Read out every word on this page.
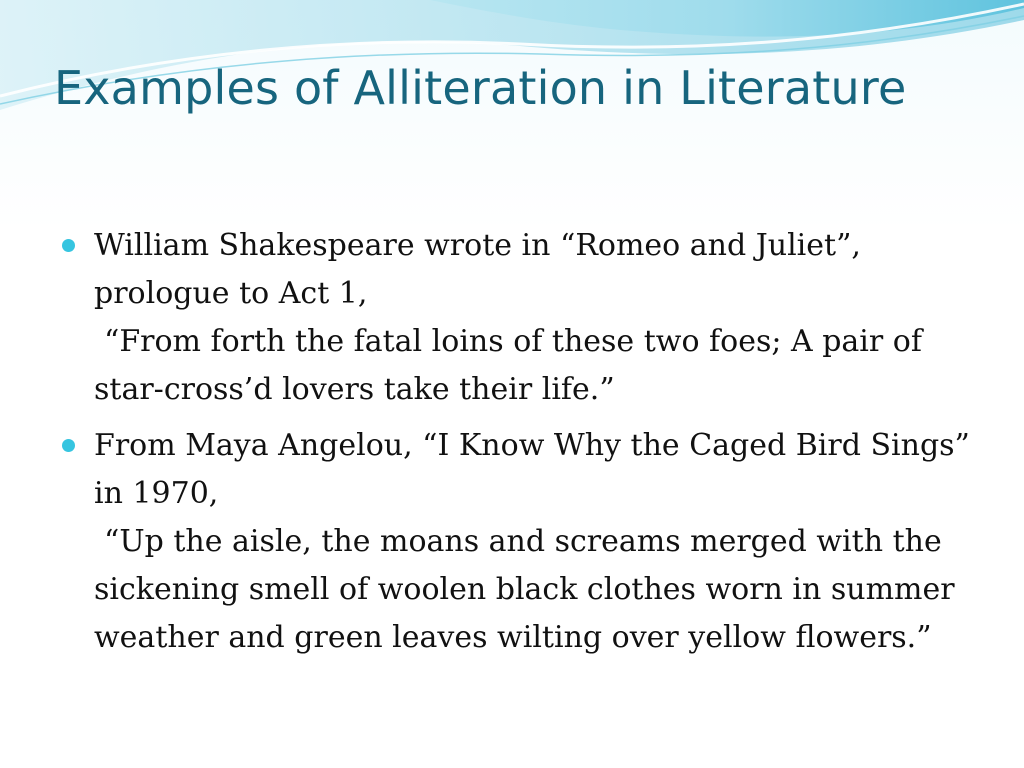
Examples of Alliteration in Literature

William Shakespeare wrote in “Romeo and Juliet”, prologue to Act 1,

“From forth the fatal loins of these two foes; A pair of star-cross’d lovers take their life.”

From Maya Angelou, “I Know Why the Caged Bird Sings” in 1970,

“Up the aisle, the moans and screams merged with the sickening smell of woolen black clothes worn in summer weather and green leaves wilting over yellow flowers.”
